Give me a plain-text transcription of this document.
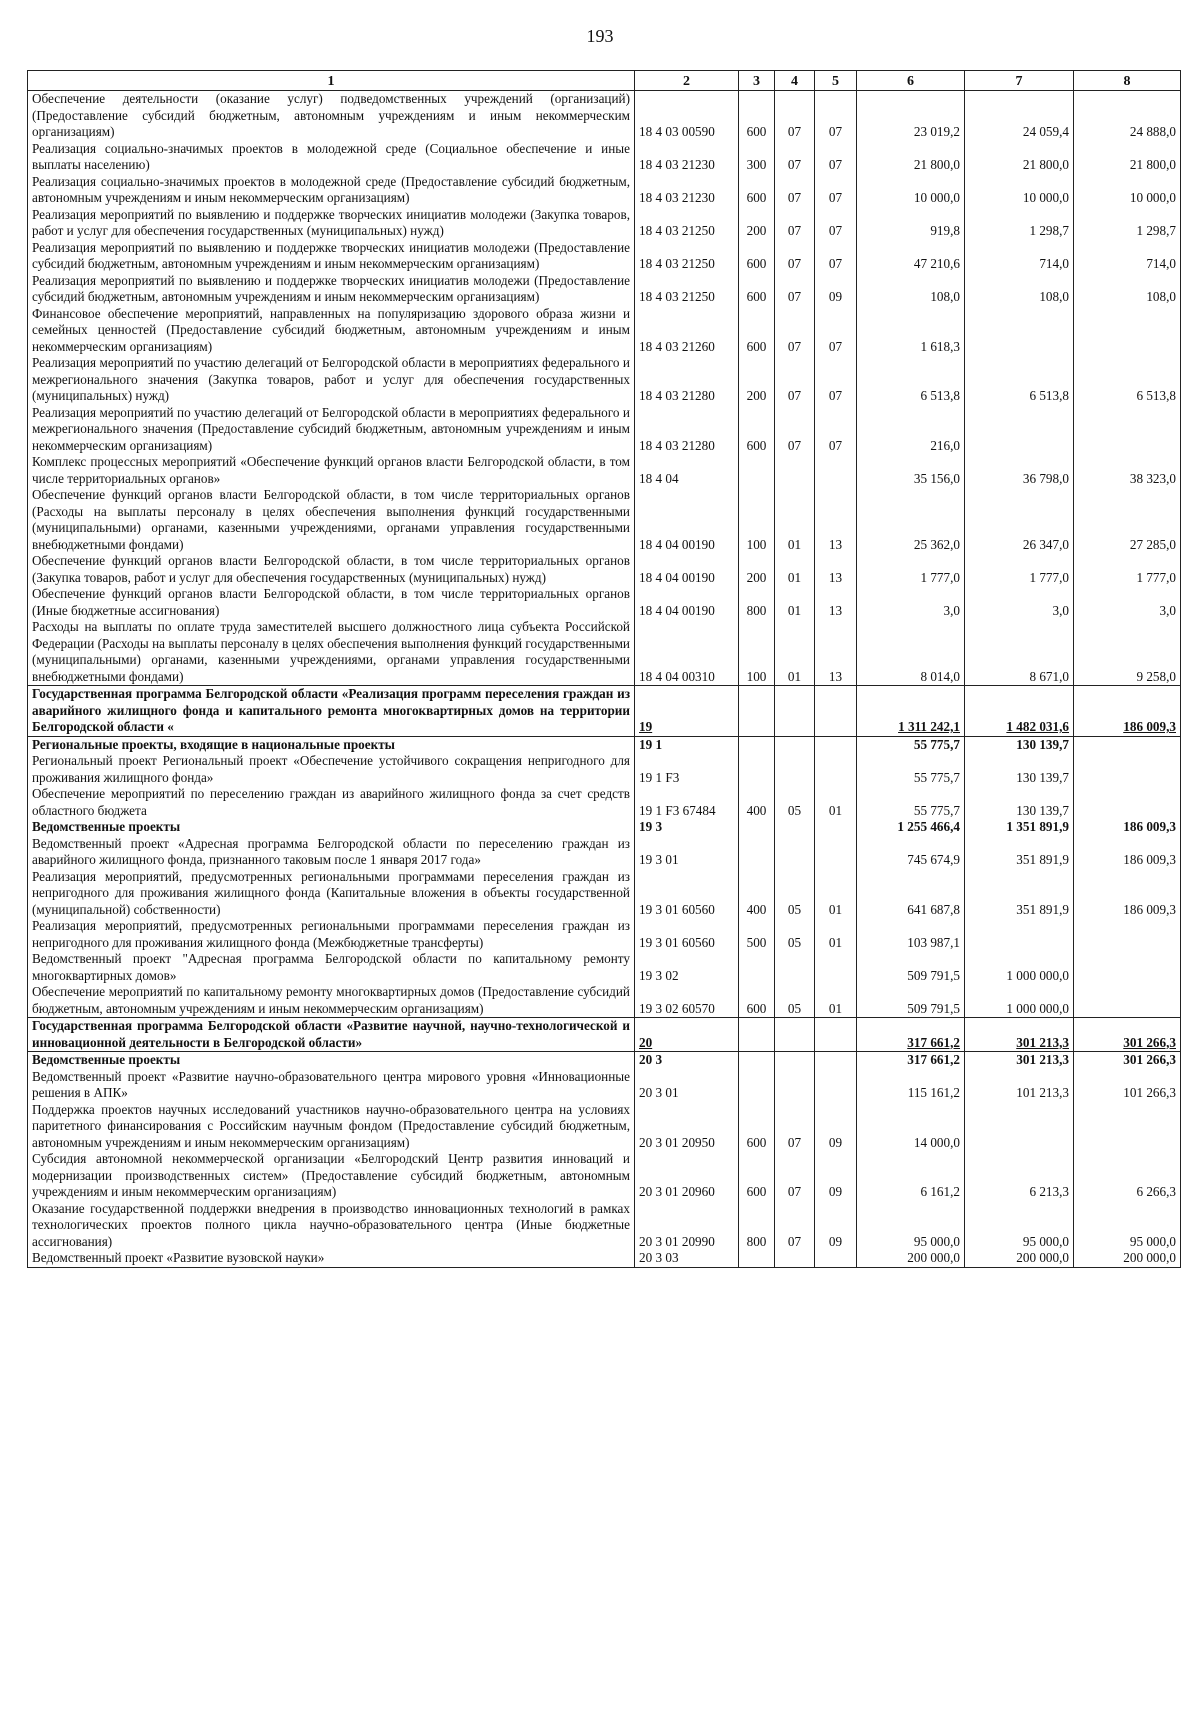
193
1	2	3	4	5	6	7	8
Обеспечение деятельности (оказание услуг) подведомственных учреждений (организаций) (Предоставление субсидий бюджетным, автономным учреждениям и иным некоммерческим организациям)	18 4 03 00590	600	07	07	23 019,2	24 059,4	24 888,0
Реализация социально-значимых проектов в молодежной среде (Социальное обеспечение и иные выплаты населению)	18 4 03 21230	300	07	07	21 800,0	21 800,0	21 800,0
Реализация социально-значимых проектов в молодежной среде (Предоставление субсидий бюджетным, автономным учреждениям и иным некоммерческим организациям)	18 4 03 21230	600	07	07	10 000,0	10 000,0	10 000,0
Реализация мероприятий по выявлению и поддержке творческих инициатив молодежи (Закупка товаров, работ и услуг для обеспечения государственных (муниципальных) нужд)	18 4 03 21250	200	07	07	919,8	1 298,7	1 298,7
Реализация мероприятий по выявлению и поддержке творческих инициатив молодежи (Предоставление субсидий бюджетным, автономным учреждениям и иным некоммерческим организациям)	18 4 03 21250	600	07	07	47 210,6	714,0	714,0
Реализация мероприятий по выявлению и поддержке творческих инициатив молодежи (Предоставление субсидий бюджетным, автономным учреждениям и иным некоммерческим организациям)	18 4 03 21250	600	07	09	108,0	108,0	108,0
Финансовое обеспечение мероприятий, направленных на популяризацию здорового образа жизни и семейных ценностей (Предоставление субсидий бюджетным, автономным учреждениям и иным некоммерческим организациям)	18 4 03 21260	600	07	07	1 618,3		
Реализация мероприятий по участию делегаций от Белгородской области в мероприятиях федерального и межрегионального значения (Закупка товаров, работ и услуг для обеспечения государственных (муниципальных) нужд)	18 4 03 21280	200	07	07	6 513,8	6 513,8	6 513,8
Реализация мероприятий по участию делегаций от Белгородской области в мероприятиях федерального и межрегионального значения (Предоставление субсидий бюджетным, автономным учреждениям и иным некоммерческим организациям)	18 4 03 21280	600	07	07	216,0		
Комплекс процессных мероприятий «Обеспечение функций органов власти Белгородской области, в том числе территориальных органов»	18 4 04				35 156,0	36 798,0	38 323,0
Обеспечение функций органов власти Белгородской области, в том числе территориальных органов (Расходы на выплаты персоналу в целях обеспечения выполнения функций государственными (муниципальными) органами, казенными учреждениями, органами управления государственными внебюджетными фондами)	18 4 04 00190	100	01	13	25 362,0	26 347,0	27 285,0
Обеспечение функций органов власти Белгородской области, в том числе территориальных органов (Закупка товаров, работ и услуг для обеспечения государственных (муниципальных) нужд)	18 4 04 00190	200	01	13	1 777,0	1 777,0	1 777,0
Обеспечение функций органов власти Белгородской области, в том числе территориальных органов (Иные бюджетные ассигнования)	18 4 04 00190	800	01	13	3,0	3,0	3,0
Расходы на выплаты по оплате труда заместителей высшего должностного лица субъекта Российской Федерации (Расходы на выплаты персоналу в целях обеспечения выполнения функций государственными (муниципальными) органами, казенными учреждениями, органами управления государственными внебюджетными фондами)	18 4 04 00310	100	01	13	8 014,0	8 671,0	9 258,0
Государственная программа Белгородской области «Реализация программ переселения граждан из аварийного жилищного фонда и капитального ремонта многоквартирных домов на территории Белгородской области «	19				1 311 242,1	1 482 031,6	186 009,3
Региональные проекты, входящие в национальные проекты	19 1				55 775,7	130 139,7	
Региональный проект Региональный проект «Обеспечение устойчивого сокращения непригодного для проживания жилищного фонда»	19 1 F3				55 775,7	130 139,7	
Обеспечение мероприятий по переселению граждан из аварийного жилищного фонда за счет средств областного бюджета	19 1 F3 67484	400	05	01	55 775,7	130 139,7	
Ведомственные проекты	19 3				1 255 466,4	1 351 891,9	186 009,3
Ведомственный проект «Адресная программа Белгородской области по переселению граждан из аварийного жилищного фонда, признанного таковым после 1 января 2017 года»	19 3 01				745 674,9	351 891,9	186 009,3
Реализация мероприятий, предусмотренных региональными программами переселения граждан из непригодного для проживания жилищного фонда (Капитальные вложения в объекты государственной (муниципальной) собственности)	19 3 01 60560	400	05	01	641 687,8	351 891,9	186 009,3
Реализация мероприятий, предусмотренных региональными программами переселения граждан из непригодного для проживания жилищного фонда (Межбюджетные трансферты)	19 3 01 60560	500	05	01	103 987,1		
Ведомственный проект "Адресная программа Белгородской области по капитальному ремонту многоквартирных домов»	19 3 02				509 791,5	1 000 000,0	
Обеспечение мероприятий по капитальному ремонту многоквартирных домов (Предоставление субсидий бюджетным, автономным учреждениям и иным некоммерческим организациям)	19 3 02 60570	600	05	01	509 791,5	1 000 000,0	
Государственная программа Белгородской области «Развитие научной, научно-технологической и инновационной деятельности в Белгородской области»	20				317 661,2	301 213,3	301 266,3
Ведомственные проекты	20 3				317 661,2	301 213,3	301 266,3
Ведомственный проект «Развитие научно-образовательного центра мирового уровня «Инновационные решения в АПК»	20 3 01				115 161,2	101 213,3	101 266,3
Поддержка проектов научных исследований участников научно-образовательного центра на условиях паритетного финансирования с Российским научным фондом (Предоставление субсидий бюджетным, автономным учреждениям и иным некоммерческим организациям)	20 3 01 20950	600	07	09	14 000,0		
Субсидия автономной некоммерческой организации «Белгородский Центр развития инноваций и модернизации производственных систем» (Предоставление субсидий бюджетным, автономным учреждениям и иным некоммерческим организациям)	20 3 01 20960	600	07	09	6 161,2	6 213,3	6 266,3
Оказание государственной поддержки внедрения в производство инновационных технологий в рамках технологических проектов полного цикла научно-образовательного центра (Иные бюджетные ассигнования)	20 3 01 20990	800	07	09	95 000,0	95 000,0	95 000,0
Ведомственный проект «Развитие вузовской науки»	20 3 03				200 000,0	200 000,0	200 000,0
